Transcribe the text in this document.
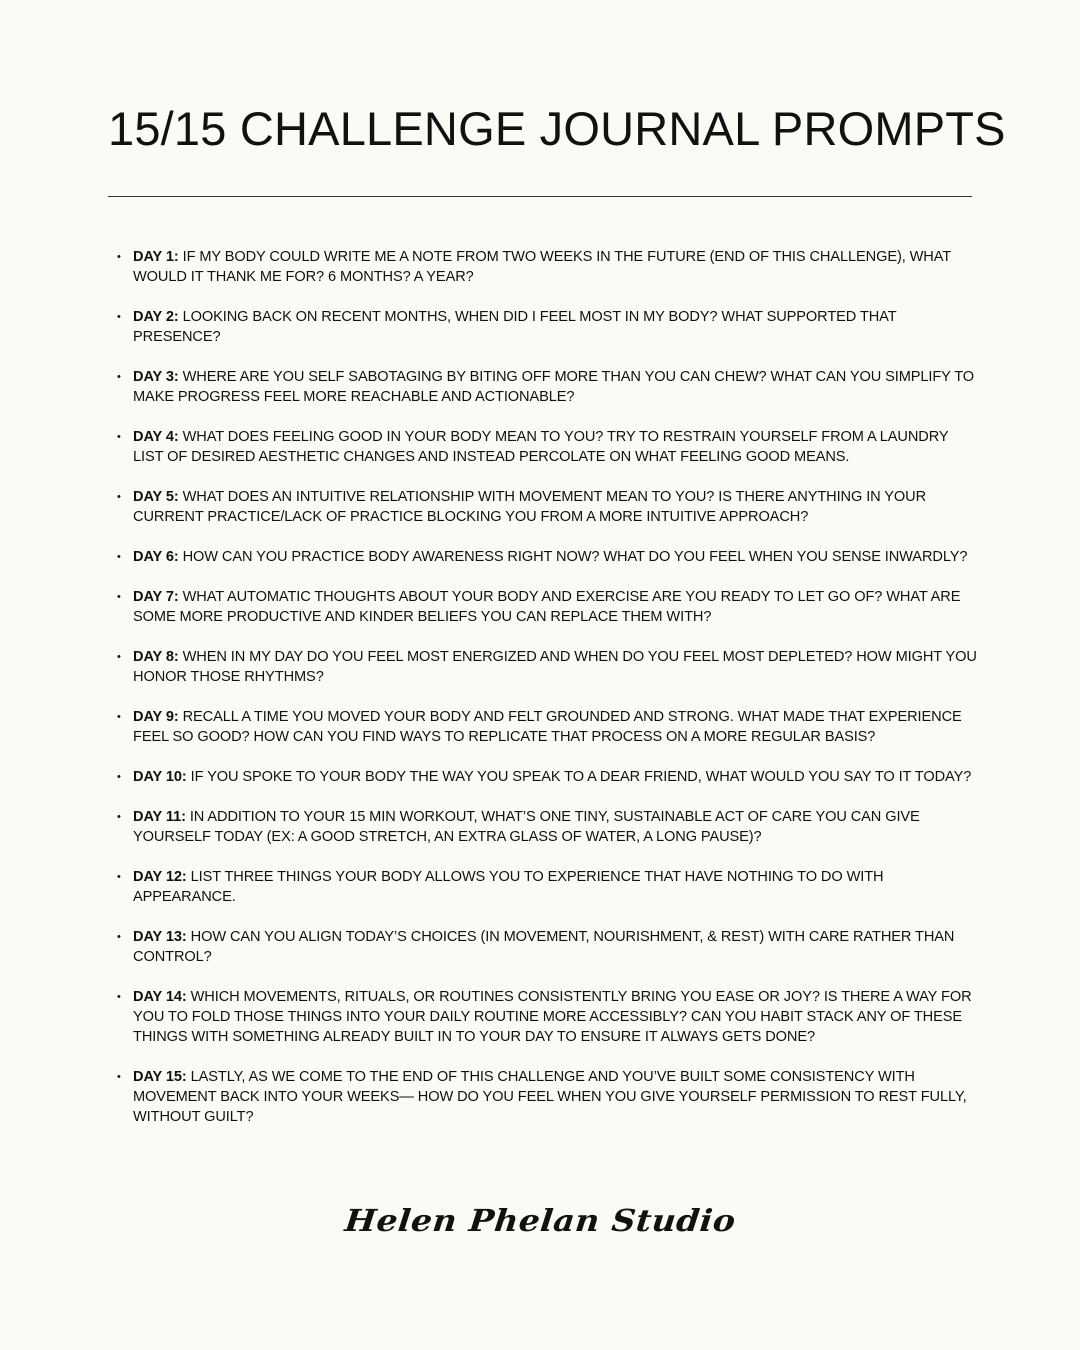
15/15 CHALLENGE JOURNAL PROMPTS
• DAY 1: IF MY BODY COULD WRITE ME A NOTE FROM TWO WEEKS IN THE FUTURE (END OF THIS CHALLENGE), WHAT WOULD IT THANK ME FOR? 6 MONTHS? A YEAR?
• DAY 2: LOOKING BACK ON RECENT MONTHS, WHEN DID I FEEL MOST IN MY BODY? WHAT SUPPORTED THAT PRESENCE?
• DAY 3: WHERE ARE YOU SELF SABOTAGING BY BITING OFF MORE THAN YOU CAN CHEW? WHAT CAN YOU SIMPLIFY TO MAKE PROGRESS FEEL MORE REACHABLE AND ACTIONABLE?
• DAY 4: WHAT DOES FEELING GOOD IN YOUR BODY MEAN TO YOU? TRY TO RESTRAIN YOURSELF FROM A LAUNDRY LIST OF DESIRED AESTHETIC CHANGES AND INSTEAD PERCOLATE ON WHAT FEELING GOOD MEANS.
• DAY 5: WHAT DOES AN INTUITIVE RELATIONSHIP WITH MOVEMENT MEAN TO YOU? IS THERE ANYTHING IN YOUR CURRENT PRACTICE/LACK OF PRACTICE BLOCKING YOU FROM A MORE INTUITIVE APPROACH?
• DAY 6: HOW CAN YOU PRACTICE BODY AWARENESS RIGHT NOW? WHAT DO YOU FEEL WHEN YOU SENSE INWARDLY?
• DAY 7: WHAT AUTOMATIC THOUGHTS ABOUT YOUR BODY AND EXERCISE ARE YOU READY TO LET GO OF? WHAT ARE SOME MORE PRODUCTIVE AND KINDER BELIEFS YOU CAN REPLACE THEM WITH?
• DAY 8: WHEN IN MY DAY DO YOU FEEL MOST ENERGIZED AND WHEN DO YOU FEEL MOST DEPLETED? HOW MIGHT YOU HONOR THOSE RHYTHMS?
• DAY 9: RECALL A TIME YOU MOVED YOUR BODY AND FELT GROUNDED AND STRONG. WHAT MADE THAT EXPERIENCE FEEL SO GOOD? HOW CAN YOU FIND WAYS TO REPLICATE THAT PROCESS ON A MORE REGULAR BASIS?
• DAY 10: IF YOU SPOKE TO YOUR BODY THE WAY YOU SPEAK TO A DEAR FRIEND, WHAT WOULD YOU SAY TO IT TODAY?
• DAY 11: IN ADDITION TO YOUR 15 MIN WORKOUT, WHAT’S ONE TINY, SUSTAINABLE ACT OF CARE YOU CAN GIVE YOURSELF TODAY (EX: A GOOD STRETCH, AN EXTRA GLASS OF WATER, A LONG PAUSE)?
• DAY 12: LIST THREE THINGS YOUR BODY ALLOWS YOU TO EXPERIENCE THAT HAVE NOTHING TO DO WITH APPEARANCE.
• DAY 13: HOW CAN YOU ALIGN TODAY’S CHOICES (IN MOVEMENT, NOURISHMENT, & REST) WITH CARE RATHER THAN CONTROL?
• DAY 14: WHICH MOVEMENTS, RITUALS, OR ROUTINES CONSISTENTLY BRING YOU EASE OR JOY? IS THERE A WAY FOR YOU TO FOLD THOSE THINGS INTO YOUR DAILY ROUTINE MORE ACCESSIBLY? CAN YOU HABIT STACK ANY OF THESE THINGS WITH SOMETHING ALREADY BUILT IN TO YOUR DAY TO ENSURE IT ALWAYS GETS DONE?
• DAY 15: LASTLY, AS WE COME TO THE END OF THIS CHALLENGE AND YOU’VE BUILT SOME CONSISTENCY WITH MOVEMENT BACK INTO YOUR WEEKS— HOW DO YOU FEEL WHEN YOU GIVE YOURSELF PERMISSION TO REST FULLY, WITHOUT GUILT?
Helen Phelan Studio
